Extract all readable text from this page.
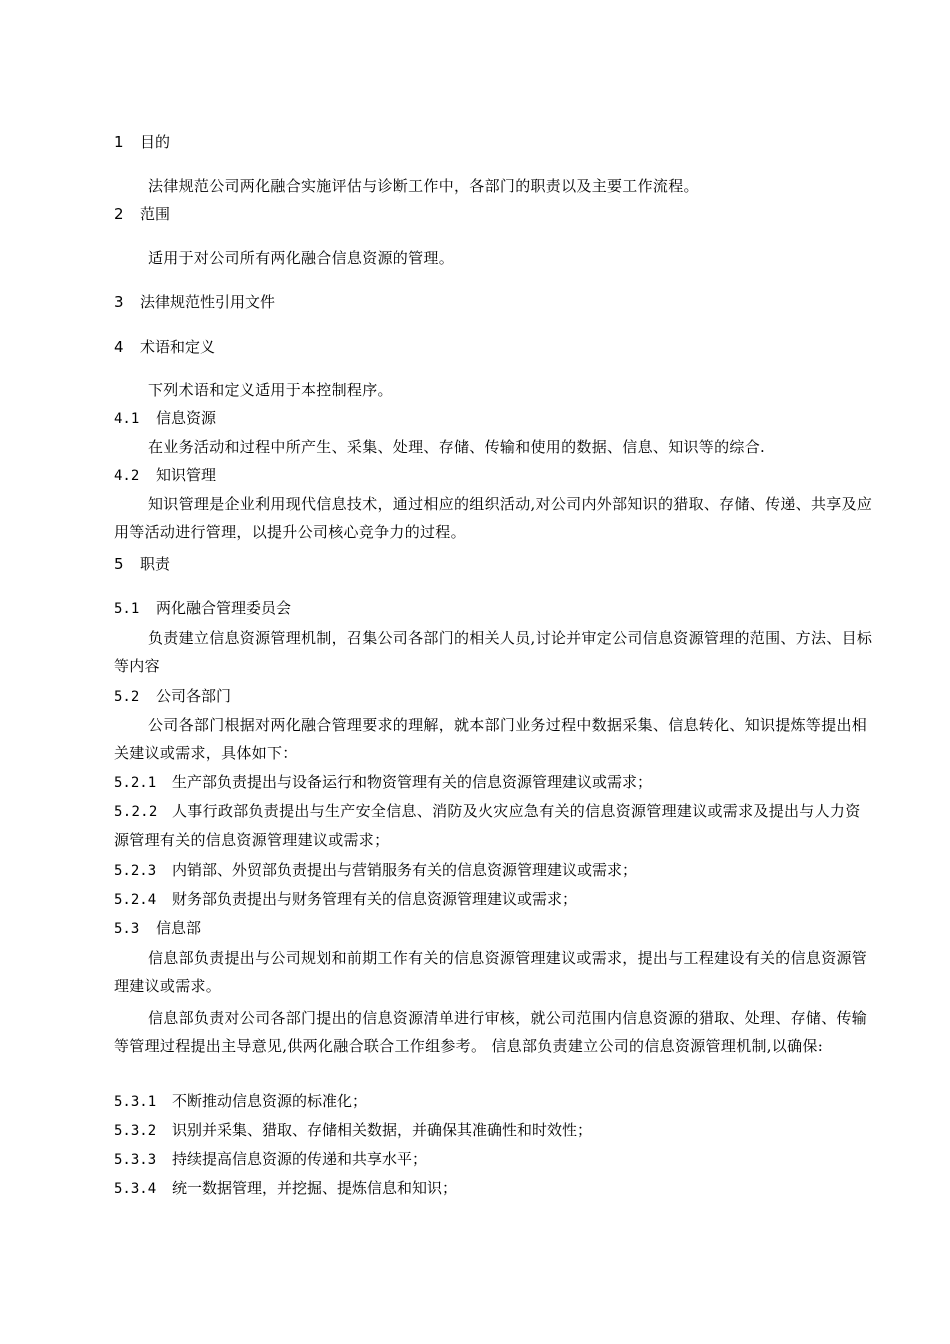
1 目的
法律规范公司两化融合实施评估与诊断工作中，各部门的职责以及主要工作流程。
2 范围
适用于对公司所有两化融合信息资源的管理。
3 法律规范性引用文件
4 术语和定义
下列术语和定义适用于本控制程序。
4.1 信息资源
在业务活动和过程中所产生、采集、处理、存储、传输和使用的数据、信息、知识等的综合.
4.2 知识管理
知识管理是企业利用现代信息技术，通过相应的组织活动,对公司内外部知识的猎取、存储、传递、共享及应用等活动进行管理，以提升公司核心竞争力的过程。
5 职责
5.1 两化融合管理委员会
负责建立信息资源管理机制，召集公司各部门的相关人员,讨论并审定公司信息资源管理的范围、方法、目标等内容
5.2 公司各部门
公司各部门根据对两化融合管理要求的理解，就本部门业务过程中数据采集、信息转化、知识提炼等提出相关建议或需求，具体如下：
5.2.1 生产部负责提出与设备运行和物资管理有关的信息资源管理建议或需求；
5.2.2 人事行政部负责提出与生产安全信息、消防及火灾应急有关的信息资源管理建议或需求及提出与人力资源管理有关的信息资源管理建议或需求；
5.2.3 内销部、外贸部负责提出与营销服务有关的信息资源管理建议或需求；
5.2.4 财务部负责提出与财务管理有关的信息资源管理建议或需求；
5.3 信息部
信息部负责提出与公司规划和前期工作有关的信息资源管理建议或需求，提出与工程建设有关的信息资源管理建议或需求。
信息部负责对公司各部门提出的信息资源清单进行审核，就公司范围内信息资源的猎取、处理、存储、传输等管理过程提出主导意见,供两化融合联合工作组参考。 信息部负责建立公司的信息资源管理机制,以确保:
5.3.1 不断推动信息资源的标准化；
5.3.2 识别并采集、猎取、存储相关数据，并确保其准确性和时效性；
5.3.3 持续提高信息资源的传递和共享水平；
5.3.4 统一数据管理，并挖掘、提炼信息和知识；
